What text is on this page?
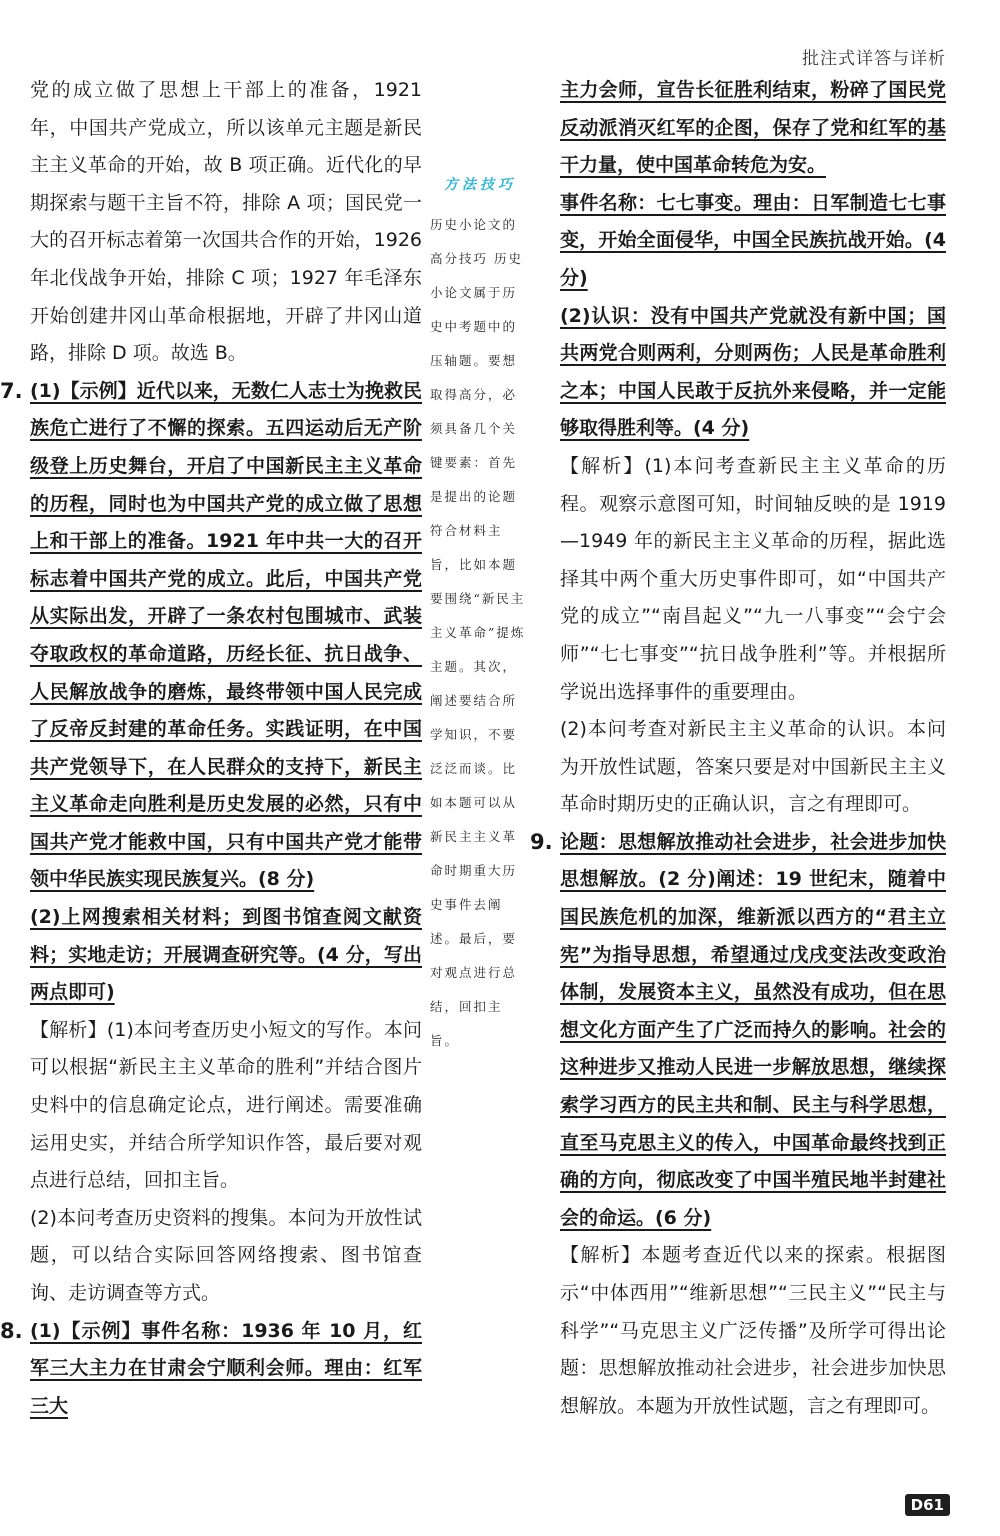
批注式详答与详析

党的成立做了思想上干部上的准备，1921 年，中国共产党成立，所以该单元主题是新民主主义革命的开始，故 B 项正确。近代化的早期探索与题干主旨不符，排除 A 项；国民党一大的召开标志着第一次国共合作的开始，1926 年北伐战争开始，排除 C 项；1927 年毛泽东开始创建井冈山革命根据地，开辟了井冈山道路，排除 D 项。故选 B。

7. (1)【示例】近代以来，无数仁人志士为挽救民族危亡进行了不懈的探索。五四运动后无产阶级登上历史舞台，开启了中国新民主主义革命的历程，同时也为中国共产党的成立做了思想上和干部上的准备。1921 年中共一大的召开标志着中国共产党的成立。此后，中国共产党从实际出发，开辟了一条农村包围城市、武装夺取政权的革命道路，历经长征、抗日战争、人民解放战争的磨炼，最终带领中国人民完成了反帝反封建的革命任务。实践证明，在中国共产党领导下，在人民群众的支持下，新民主主义革命走向胜利是历史发展的必然，只有中国共产党才能救中国，只有中国共产党才能带领中华民族实现民族复兴。(8 分)

(2)上网搜索相关材料；到图书馆查阅文献资料；实地走访；开展调查研究等。(4 分，写出两点即可)

【解析】(1)本问考查历史小短文的写作。本问可以根据“新民主主义革命的胜利”并结合图片史料中的信息确定论点，进行阐述。需要准确运用史实，并结合所学知识作答，最后要对观点进行总结，回扣主旨。

(2)本问考查历史资料的搜集。本问为开放性试题，可以结合实际回答网络搜索、图书馆查询、走访调查等方式。

8. (1)【示例】事件名称：1936 年 10 月，红军三大主力在甘肃会宁顺利会师。理由：红军三大

方法技巧

历史小论文的高分技巧 历史小论文属于历史中考题中的压轴题。要想取得高分，必须具备几个关键要素：首先是提出的论题符合材料主旨，比如本题要围绕“新民主主义革命”提炼主题。其次，阐述要结合所学知识，不要泛泛而谈。比如本题可以从新民主主义革命时期重大历史事件去阐述。最后，要对观点进行总结，回扣主旨。

主力会师，宣告长征胜利结束，粉碎了国民党反动派消灭红军的企图，保存了党和红军的基干力量，使中国革命转危为安。

事件名称：七七事变。理由：日军制造七七事变，开始全面侵华，中国全民族抗战开始。(4 分)

(2)认识：没有中国共产党就没有新中国；国共两党合则两利，分则两伤；人民是革命胜利之本；中国人民敢于反抗外来侵略，并一定能够取得胜利等。(4 分)

【解析】(1)本问考查新民主主义革命的历程。观察示意图可知，时间轴反映的是 1919—1949 年的新民主主义革命的历程，据此选择其中两个重大历史事件即可，如“中国共产党的成立”“南昌起义”“九一八事变”“会宁会师”“七七事变”“抗日战争胜利”等。并根据所学说出选择事件的重要理由。

(2)本问考查对新民主主义革命的认识。本问为开放性试题，答案只要是对中国新民主主义革命时期历史的正确认识，言之有理即可。

9. 论题：思想解放推动社会进步，社会进步加快思想解放。(2 分)阐述：19 世纪末，随着中国民族危机的加深，维新派以西方的“君主立宪”为指导思想，希望通过戊戌变法改变政治体制，发展资本主义，虽然没有成功，但在思想文化方面产生了广泛而持久的影响。社会的这种进步又推动人民进一步解放思想，继续探索学习西方的民主共和制、民主与科学思想，直至马克思主义的传入，中国革命最终找到正确的方向，彻底改变了中国半殖民地半封建社会的命运。(6 分)

【解析】本题考查近代以来的探索。根据图示“中体西用”“维新思想”“三民主义”“民主与科学”“马克思主义广泛传播”及所学可得出论题：思想解放推动社会进步，社会进步加快思想解放。本题为开放性试题，言之有理即可。

D61
